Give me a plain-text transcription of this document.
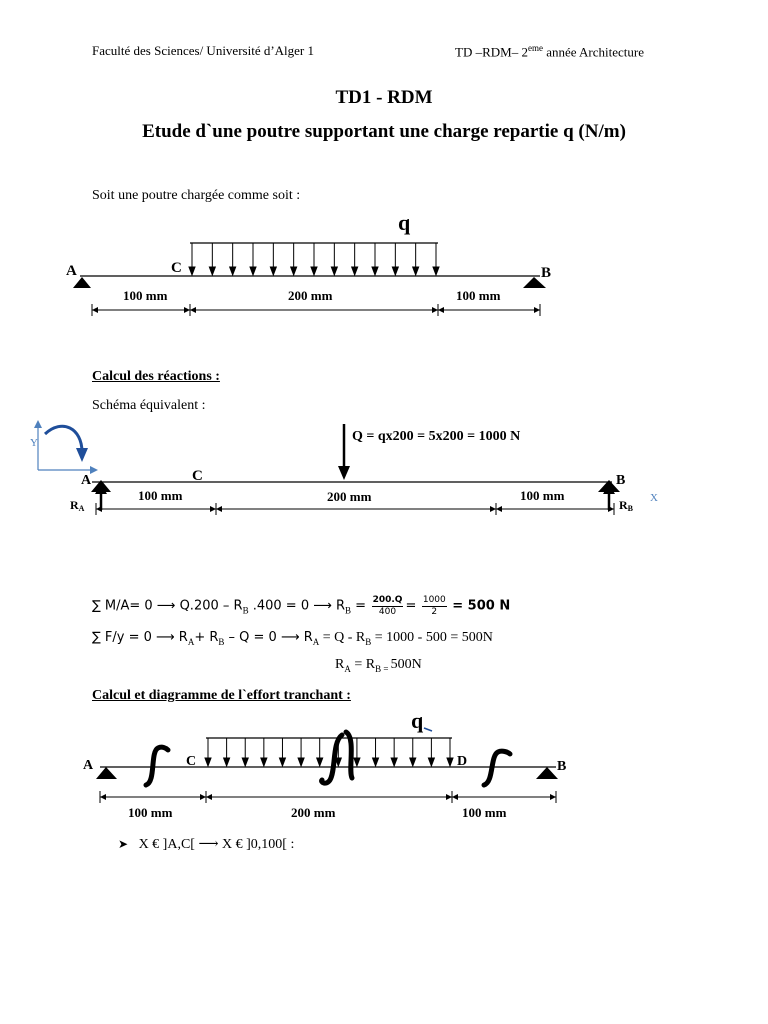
Faculté des Sciences/ Université d’Alger 1	TD –RDM– 2eme année Architecture
TD1 - RDM
Etude d`une poutre supportant une charge repartie q (N/m)
Soit une poutre chargée comme soit :
q
A	C	B
100 mm	200 mm	100 mm
Calcul des réactions :
Schéma équivalent :
Y
X
Q = qx200 = 5x200 = 1000 N
A	C	B
RA	RB
100 mm	200 mm	100 mm
∑ M/A= 0 ⟶ $Q.200 - R_B$ .400 = 0 ⟶ $R_B = \frac{200.Q}{400} = \frac{1000}{2} = 500$ N
∑ F/y = 0 ⟶ $R_A+ R_B - Q = 0$ ⟶ $R_A = Q - R_B = 1000 - 500 = 500N$
$R_A = R_{B =}$ 500N
Calcul et diagramme de l`effort tranchant :
q
A	C	D	B
100 mm	200 mm	100 mm
➤ X € ]A,C[ ⟶ X € ]0,100[ :
